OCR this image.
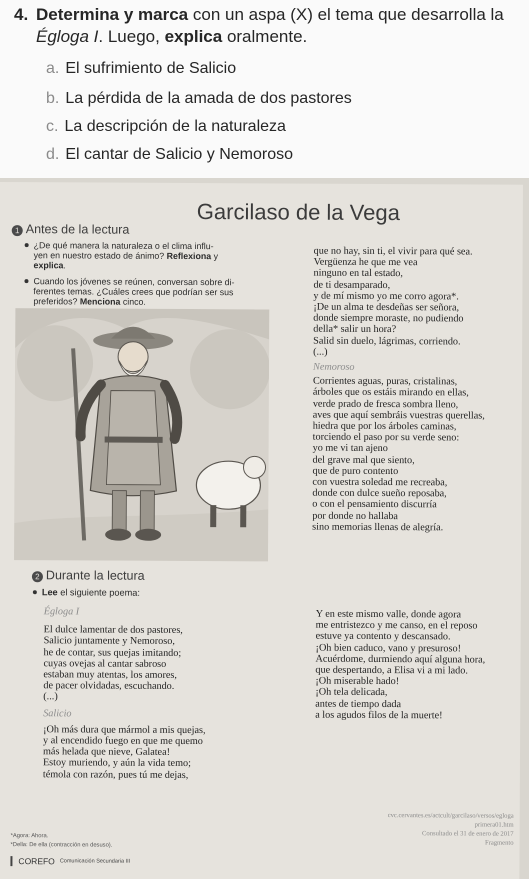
4. Determina y marca con un aspa (X) el tema que desarrolla la Égloga I. Luego, explica oralmente.
a. El sufrimiento de Salicio
b. La pérdida de la amada de dos pastores
c. La descripción de la naturaleza
d. El cantar de Salicio y Nemoroso
Garcilaso de la Vega
1 Antes de la lectura
¿De qué manera la naturaleza o el clima influ-
yen en nuestro estado de ánimo? Reflexiona y
explica.
Cuando los jóvenes se reúnen, conversan sobre di-
ferentes temas. ¿Cuáles crees que podrían ser sus
preferidos? Menciona cinco.
2 Durante la lectura
Lee el siguiente poema:
Égloga I
El dulce lamentar de dos pastores,
Salicio juntamente y Nemoroso,
he de contar, sus quejas imitando;
cuyas ovejas al cantar sabroso
estaban muy atentas, los amores,
de pacer olvidadas, escuchando.
(...)
Salicio
¡Oh más dura que mármol a mis quejas,
y al encendido fuego en que me quemo
más helada que nieve, Galatea!
Estoy muriendo, y aún la vida temo;
témola con razón, pues tú me dejas,
que no hay, sin ti, el vivir para qué sea.
Vergüenza he que me vea
ninguno en tal estado,
de ti desamparado,
y de mí mismo yo me corro agora*.
¡De un alma te desdeñas ser señora,
donde siempre moraste, no pudiendo
della* salir un hora?
Salid sin duelo, lágrimas, corriendo.
(...)
Nemoroso
Corrientes aguas, puras, cristalinas,
árboles que os estáis mirando en ellas,
verde prado de fresca sombra lleno,
aves que aquí sembráis vuestras querellas,
hiedra que por los árboles caminas,
torciendo el paso por su verde seno:
yo me vi tan ajeno
del grave mal que siento,
que de puro contento
con vuestra soledad me recreaba,
donde con dulce sueño reposaba,
o con el pensamiento discurría
por donde no hallaba
sino memorias llenas de alegría.
Y en este mismo valle, donde agora
me entristezco y me canso, en el reposo
estuve ya contento y descansado.
¡Oh bien caduco, vano y presuroso!
Acuérdome, durmiendo aquí alguna hora,
que despertando, a Elisa vi a mi lado.
¡Oh miserable hado!
¡Oh tela delicada,
antes de tiempo dada
a los agudos filos de la muerte!
cvc.cervantes.es/actcult/garcilaso/versos/egloga
primera01.htm
Consultado el 31 de enero de 2017
Fragmento
*Agora: Ahora.
*Della: De ella (contracción en desuso).
COREFO Comunicación Secundaria III
